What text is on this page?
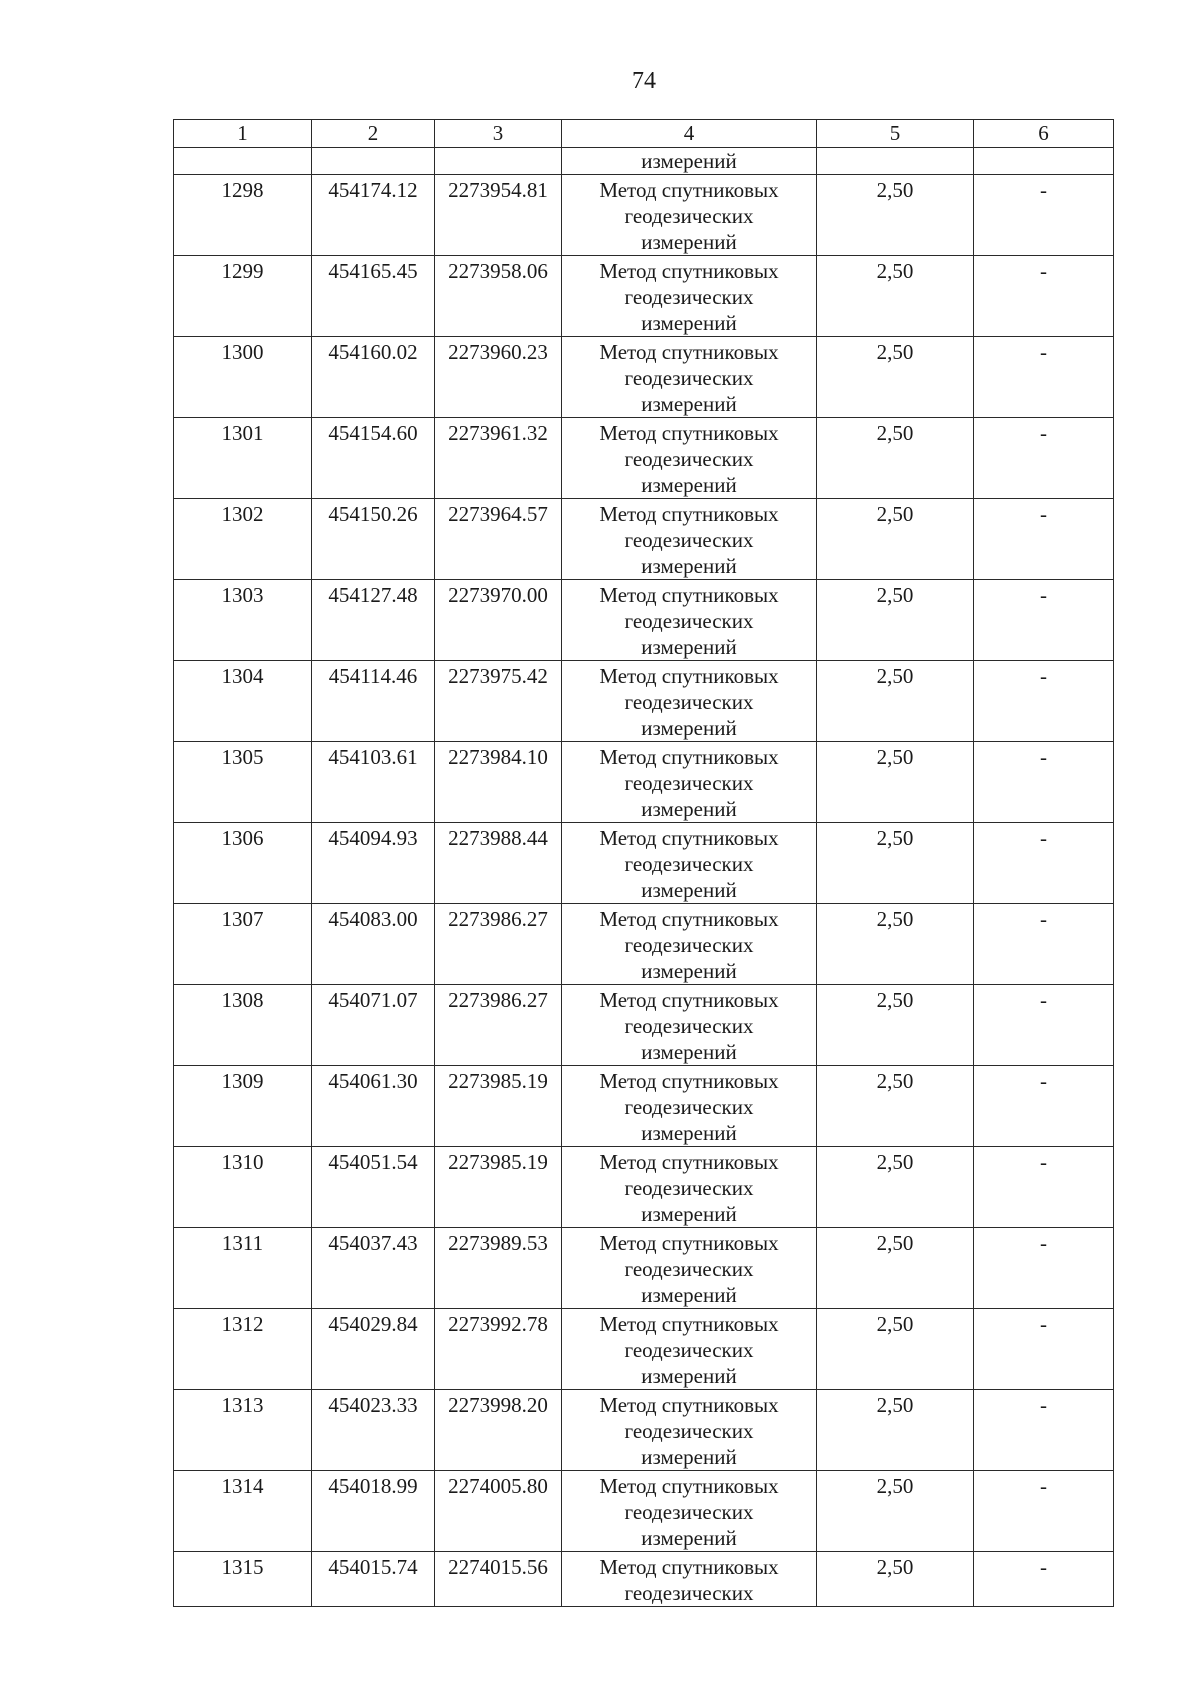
74
1	2	3	4	5	6
			измерений		
1298	454174.12	2273954.81	Метод спутниковых
геодезических
измерений	2,50	-
1299	454165.45	2273958.06	Метод спутниковых
геодезических
измерений	2,50	-
1300	454160.02	2273960.23	Метод спутниковых
геодезических
измерений	2,50	-
1301	454154.60	2273961.32	Метод спутниковых
геодезических
измерений	2,50	-
1302	454150.26	2273964.57	Метод спутниковых
геодезических
измерений	2,50	-
1303	454127.48	2273970.00	Метод спутниковых
геодезических
измерений	2,50	-
1304	454114.46	2273975.42	Метод спутниковых
геодезических
измерений	2,50	-
1305	454103.61	2273984.10	Метод спутниковых
геодезических
измерений	2,50	-
1306	454094.93	2273988.44	Метод спутниковых
геодезических
измерений	2,50	-
1307	454083.00	2273986.27	Метод спутниковых
геодезических
измерений	2,50	-
1308	454071.07	2273986.27	Метод спутниковых
геодезических
измерений	2,50	-
1309	454061.30	2273985.19	Метод спутниковых
геодезических
измерений	2,50	-
1310	454051.54	2273985.19	Метод спутниковых
геодезических
измерений	2,50	-
1311	454037.43	2273989.53	Метод спутниковых
геодезических
измерений	2,50	-
1312	454029.84	2273992.78	Метод спутниковых
геодезических
измерений	2,50	-
1313	454023.33	2273998.20	Метод спутниковых
геодезических
измерений	2,50	-
1314	454018.99	2274005.80	Метод спутниковых
геодезических
измерений	2,50	-
1315	454015.74	2274015.56	Метод спутниковых
геодезических	2,50	-
